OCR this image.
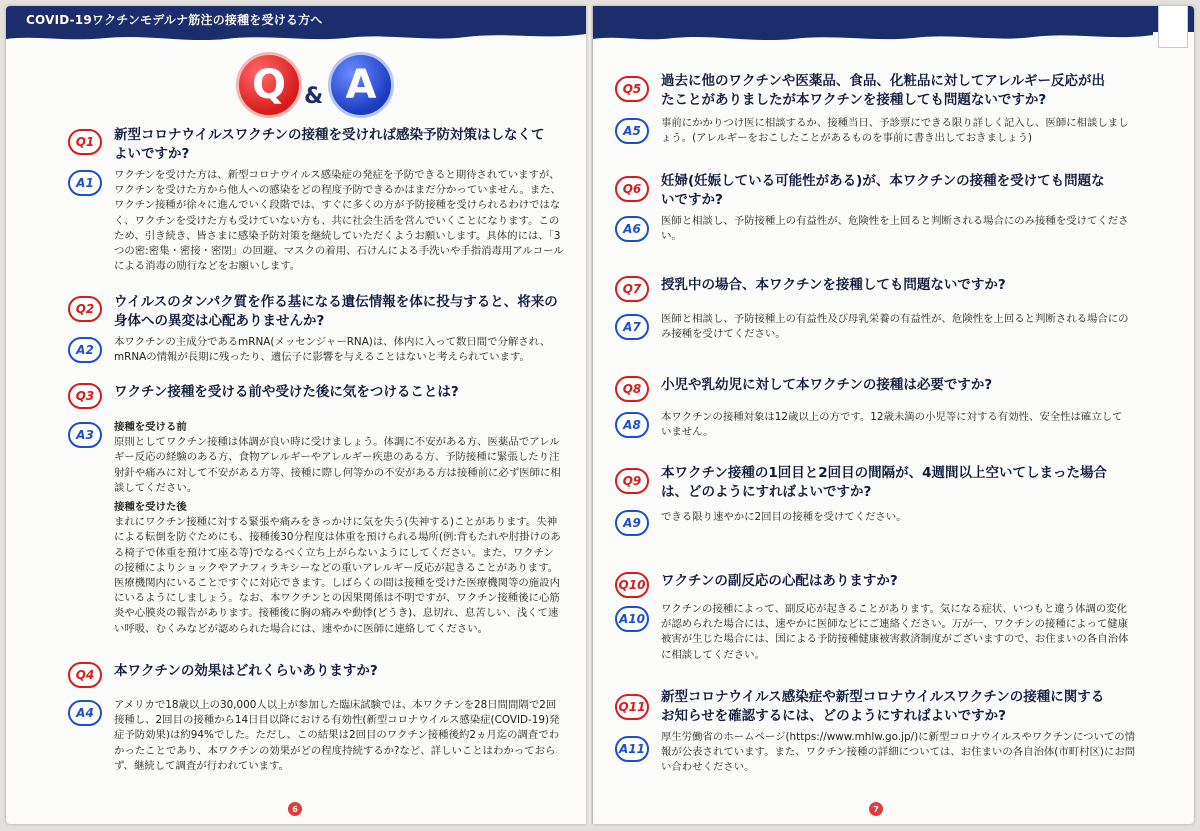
COVID-19ワクチンモデルナ筋注の接種を受ける方へ
Q & A
Q1	新型コロナウイルスワクチンの接種を受ければ感染予防対策はしなくてよいですか?
A1
ワクチンを受けた方は、新型コロナウイルス感染症の発症を予防できると期待されていますが、ワクチンを受けた方から他人への感染をどの程度予防できるかはまだ分かっていません。また、ワクチン接種が徐々に進んでいく段階では、すぐに多くの方が予防接種を受けられるわけではなく、ワクチンを受けた方も受けていない方も、共に社会生活を営んでいくことになります。このため、引き続き、皆さまに感染予防対策を継続していただくようお願いします。具体的には、「3つの密:密集・密接・密閉」の回避、マスクの着用、石けんによる手洗いや手指消毒用アルコールによる消毒の励行などをお願いします。
Q2	ウイルスのタンパク質を作る基になる遺伝情報を体に投与すると、将来の身体への異変は心配ありませんか?
A2
本ワクチンの主成分であるmRNA(メッセンジャーRNA)は、体内に入って数日間で分解され、mRNAの情報が長期に残ったり、遺伝子に影響を与えることはないと考えられています。
Q3	ワクチン接種を受ける前や受けた後に気をつけることは?
A3
接種を受ける前
原則としてワクチン接種は体調が良い時に受けましょう。体調に不安がある方、医薬品でアレルギー反応の経験のある方、食物アレルギーやアレルギー疾患のある方、予防接種に緊張したり注射針や痛みに対して不安がある方等、接種に際し何等かの不安がある方は接種前に必ず医師に相談してください。
接種を受けた後
まれにワクチン接種に対する緊張や痛みをきっかけに気を失う(失神する)ことがあります。失神による転倒を防ぐためにも、接種後30分程度は体重を預けられる場所(例:背もたれや肘掛けのある椅子で体重を預けて座る等)でなるべく立ち上がらないようにしてください。また、ワクチンの接種によりショックやアナフィラキシーなどの重いアレルギー反応が起きることがあります。医療機関内にいることですぐに対応できます。しばらくの間は接種を受けた医療機関等の施設内にいるようにしましょう。なお、本ワクチンとの因果関係は不明ですが、ワクチン接種後に心筋炎や心膜炎の報告があります。接種後に胸の痛みや動悸(どうき)、息切れ、息苦しい、浅くて速い呼吸、むくみなどが認められた場合には、速やかに医師に連絡してください。
Q4	本ワクチンの効果はどれくらいありますか?
A4
アメリカで18歳以上の30,000人以上が参加した臨床試験では、本ワクチンを28日間間隔で2回接種し、2回目の接種から14日目以降における有効性(新型コロナウイルス感染症(COVID-19)発症予防効果)は約94%でした。ただし、この結果は2回目のワクチン接種後約2ヵ月迄の調査でわかったことであり、本ワクチンの効果がどの程度持続するか?など、詳しいことはわかっておらず、継続して調査が行われています。
6
Q5	過去に他のワクチンや医薬品、食品、化粧品に対してアレルギー反応が出たことがありましたが本ワクチンを接種しても問題ないですか?
A5
事前にかかりつけ医に相談するか、接種当日、予診票にできる限り詳しく記入し、医師に相談しましょう。(アレルギーをおこしたことがあるものを事前に書き出しておきましょう)
Q6	妊婦(妊娠している可能性がある)が、本ワクチンの接種を受けても問題ないですか?
A6
医師と相談し、予防接種上の有益性が、危険性を上回ると判断される場合にのみ接種を受けてください。
Q7	授乳中の場合、本ワクチンを接種しても問題ないですか?
A7
医師と相談し、予防接種上の有益性及び母乳栄養の有益性が、危険性を上回ると判断される場合にのみ接種を受けてください。
Q8	小児や乳幼児に対して本ワクチンの接種は必要ですか?
A8
本ワクチンの接種対象は12歳以上の方です。12歳未満の小児等に対する有効性、安全性は確立していません。
Q9	本ワクチン接種の1回目と2回目の間隔が、4週間以上空いてしまった場合は、どのようにすればよいですか?
A9	できる限り速やかに2回目の接種を受けてください。
Q10 ワクチンの副反応の心配はありますか?
A10
ワクチンの接種によって、副反応が起きることがあります。気になる症状、いつもと違う体調の変化が認められた場合には、速やかに医師などにご連絡ください。万が一、ワクチンの接種によって健康被害が生じた場合には、国による予防接種健康被害救済制度がございますので、お住まいの各自治体に相談してください。
Q11
新型コロナウイルス感染症や新型コロナウイルスワクチンの接種に関するお知らせを確認するには、どのようにすればよいですか?
A11
厚生労働省のホームページ(https://www.mhlw.go.jp/)に新型コロナウイルスやワクチンについての情報が公表されています。また、ワクチン接種の詳細については、お住まいの各自治体(市町村区)にお問い合わせください。
7
